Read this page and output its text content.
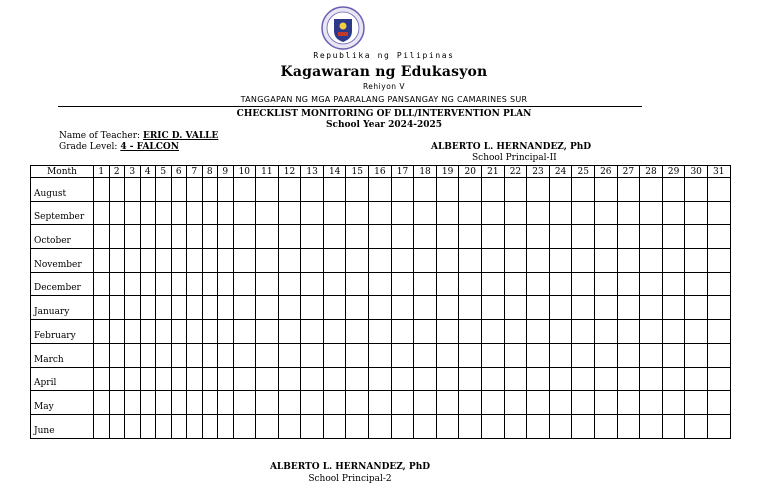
Republika ng Pilipinas
Kagawaran ng Edukasyon
Rehiyon V
TANGGAPAN NG MGA PAARALANG PANSANGAY NG CAMARINES SUR
CHECKLIST MONITORING OF DLL/INTERVENTION PLAN
School Year 2024-2025
Name of Teacher: ERIC D. VALLE
Grade Level: 4 - FALCON	ALBERTO L. HERNANDEZ, PhD
School Principal-II
Month	1	2	3	4	5	6	7	8	9	10	11	12	13	14	15	16	17	18	19	20	21	22	23	24	25	26	27	28	29	30	31
August																															
September																															
October																															
November																															
December																															
January																															
February																															
March																															
April																															
May																															
June																															
ALBERTO L. HERNANDEZ, PhD
School Principal-2
